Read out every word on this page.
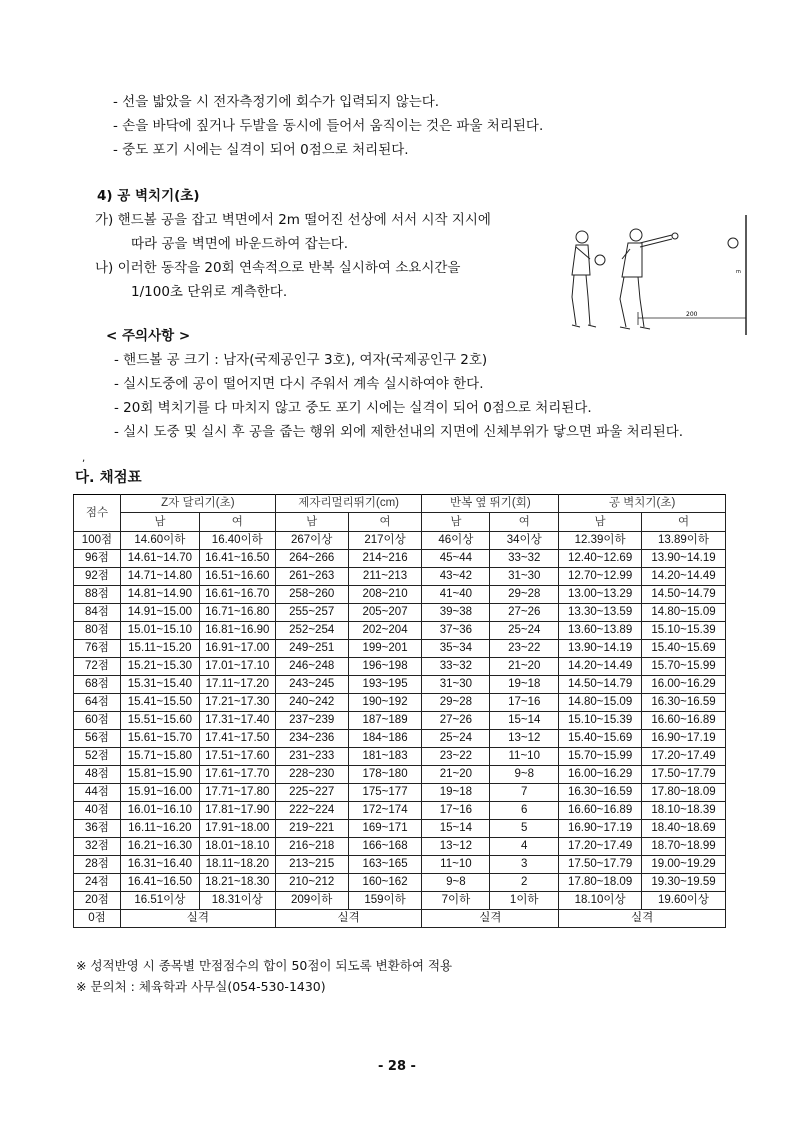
- 선을 밟았을 시 전자측정기에 회수가 입력되지 않는다.
- 손을 바닥에 짚거나 두발을 동시에 들어서 움직이는 것은 파울 처리된다.
- 중도 포기 시에는 실격이 되어 0점으로 처리된다.
4) 공 벽치기(초)
가) 핸드볼 공을 잡고 벽면에서 2m 떨어진 선상에 서서 시작 지시에
따라 공을 벽면에 바운드하여 잡는다.
나) 이러한 동작을 20회 연속적으로 반복 실시하여 소요시간을
1/100초 단위로 계측한다.
< 주의사항 >
- 핸드볼 공 크기 : 남자(국제공인구 3호), 여자(국제공인구 2호)
- 실시도중에 공이 떨어지면 다시 주워서 계속 실시하여야 한다.
- 20회 벽치기를 다 마치지 않고 중도 포기 시에는 실격이 되어 0점으로 처리된다.
- 실시 도중 및 실시 후 공을 줍는 행위 외에 제한선내의 지면에 신체부위가 닿으면 파울 처리된다.
m
200
,
다. 채점표
점수	Z자 달리기(초)		제자리멀리뛰기(cm)		반복 옆 뛰기(회)		공 벽치기(초)	
	남	여	남	여	남	여	남	여
100점	14.60이하	16.40이하	267이상	217이상	46이상	34이상	12.39이하	13.89이하
96점	14.61~14.70	16.41~16.50	264~266	214~216	45~44	33~32	12.40~12.69	13.90~14.19
92점	14.71~14.80	16.51~16.60	261~263	211~213	43~42	31~30	12.70~12.99	14.20~14.49
88점	14.81~14.90	16.61~16.70	258~260	208~210	41~40	29~28	13.00~13.29	14.50~14.79
84점	14.91~15.00	16.71~16.80	255~257	205~207	39~38	27~26	13.30~13.59	14.80~15.09
80점	15.01~15.10	16.81~16.90	252~254	202~204	37~36	25~24	13.60~13.89	15.10~15.39
76점	15.11~15.20	16.91~17.00	249~251	199~201	35~34	23~22	13.90~14.19	15.40~15.69
72점	15.21~15.30	17.01~17.10	246~248	196~198	33~32	21~20	14.20~14.49	15.70~15.99
68점	15.31~15.40	17.11~17.20	243~245	193~195	31~30	19~18	14.50~14.79	16.00~16.29
64점	15.41~15.50	17.21~17.30	240~242	190~192	29~28	17~16	14.80~15.09	16.30~16.59
60점	15.51~15.60	17.31~17.40	237~239	187~189	27~26	15~14	15.10~15.39	16.60~16.89
56점	15.61~15.70	17.41~17.50	234~236	184~186	25~24	13~12	15.40~15.69	16.90~17.19
52점	15.71~15.80	17.51~17.60	231~233	181~183	23~22	11~10	15.70~15.99	17.20~17.49
48점	15.81~15.90	17.61~17.70	228~230	178~180	21~20	9~8	16.00~16.29	17.50~17.79
44점	15.91~16.00	17.71~17.80	225~227	175~177	19~18	7	16.30~16.59	17.80~18.09
40점	16.01~16.10	17.81~17.90	222~224	172~174	17~16	6	16.60~16.89	18.10~18.39
36점	16.11~16.20	17.91~18.00	219~221	169~171	15~14	5	16.90~17.19	18.40~18.69
32점	16.21~16.30	18.01~18.10	216~218	166~168	13~12	4	17.20~17.49	18.70~18.99
28점	16.31~16.40	18.11~18.20	213~215	163~165	11~10	3	17.50~17.79	19.00~19.29
24점	16.41~16.50	18.21~18.30	210~212	160~162	9~8	2	17.80~18.09	19.30~19.59
20점	16.51이상	18.31이상	209이하	159이하	7이하	1이하	18.10이상	19.60이상
0점	실격		실격		실격		실격	
※ 성적반영 시 종목별 만점점수의 합이 50점이 되도록 변환하여 적용
※ 문의처 : 체육학과 사무실(054-530-1430)
- 28 -
